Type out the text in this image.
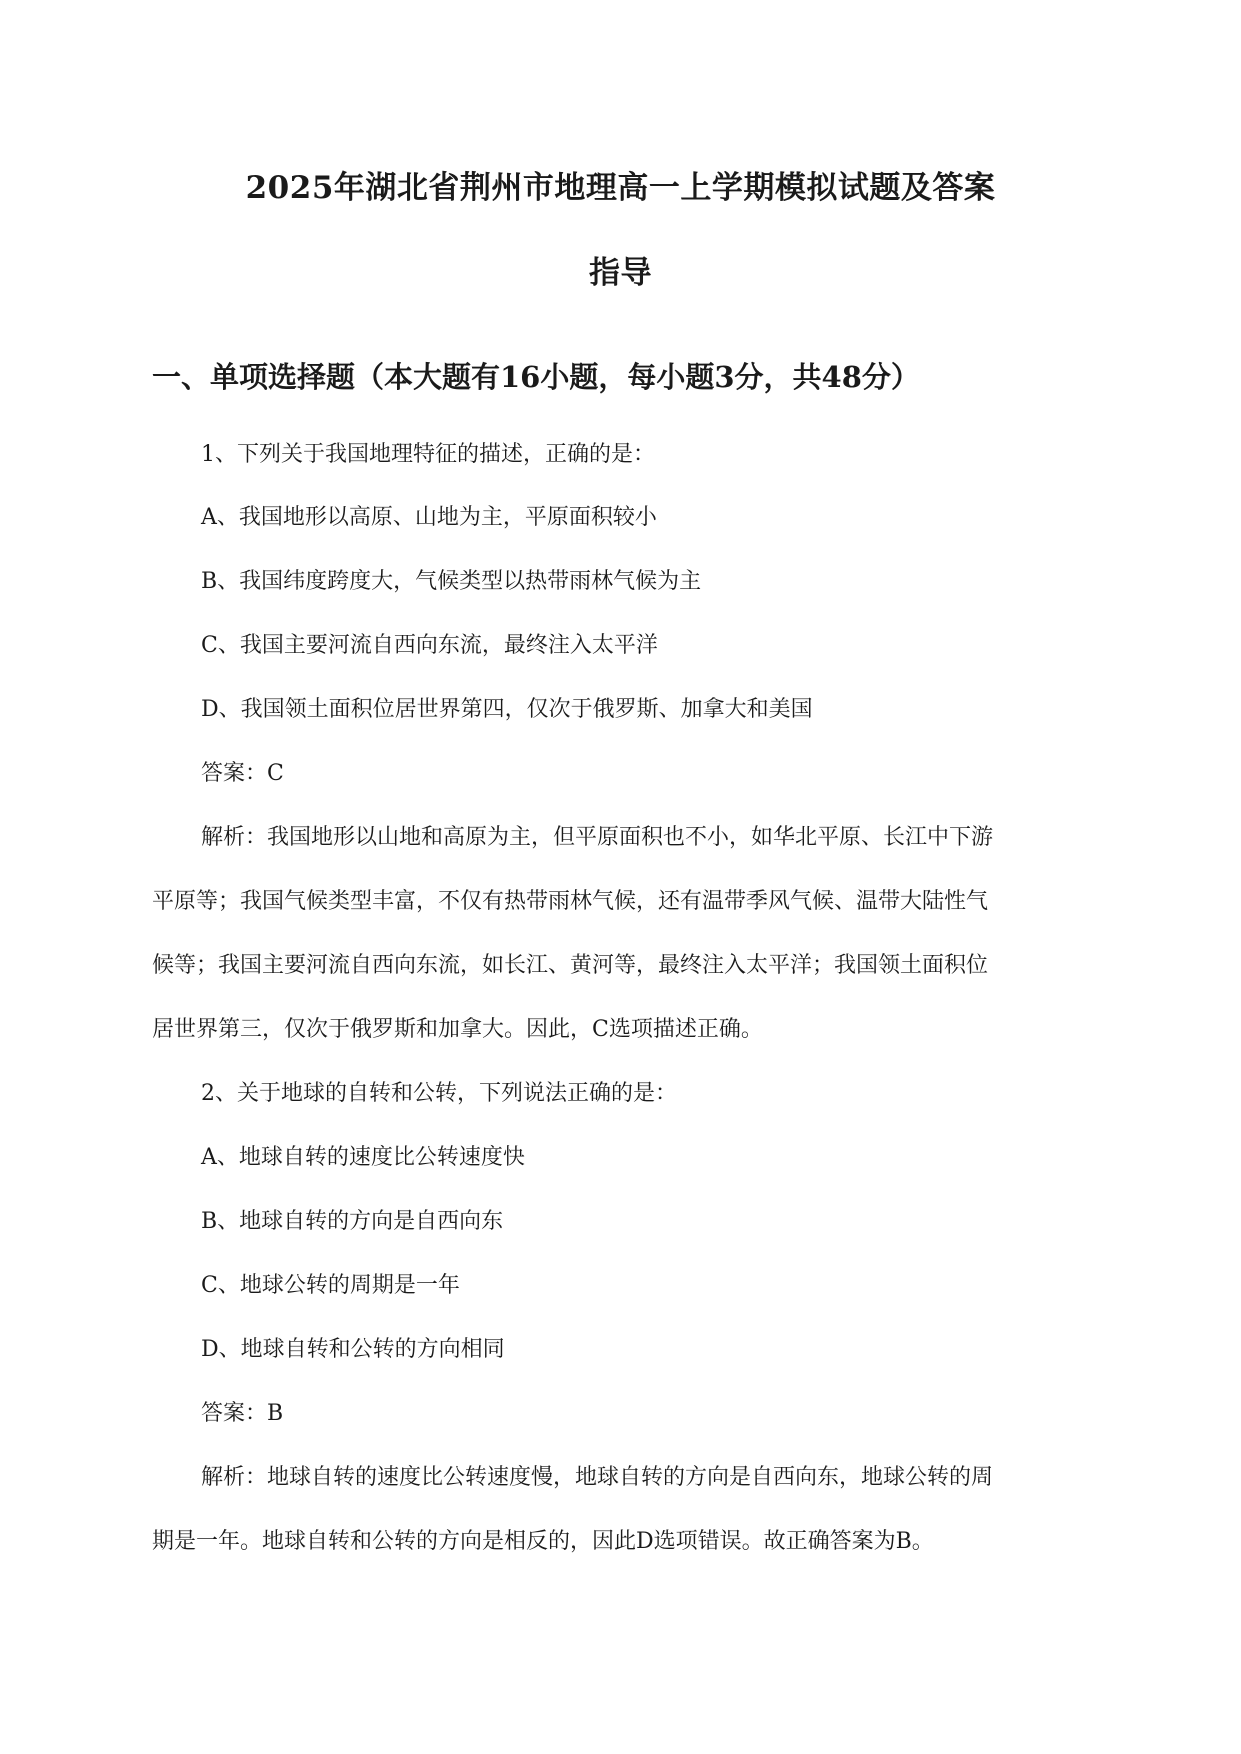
2025年湖北省荆州市地理高一上学期模拟试题及答案
指导
一、单项选择题（本大题有16小题，每小题3分，共48分）
1、下列关于我国地理特征的描述，正确的是：
A、我国地形以高原、山地为主，平原面积较小
B、我国纬度跨度大，气候类型以热带雨林气候为主
C、我国主要河流自西向东流，最终注入太平洋
D、我国领土面积位居世界第四，仅次于俄罗斯、加拿大和美国
答案：C
解析：我国地形以山地和高原为主，但平原面积也不小，如华北平原、长江中下游
平原等；我国气候类型丰富，不仅有热带雨林气候，还有温带季风气候、温带大陆性气
候等；我国主要河流自西向东流，如长江、黄河等，最终注入太平洋；我国领土面积位
居世界第三，仅次于俄罗斯和加拿大。因此，C选项描述正确。
2、关于地球的自转和公转，下列说法正确的是：
A、地球自转的速度比公转速度快
B、地球自转的方向是自西向东
C、地球公转的周期是一年
D、地球自转和公转的方向相同
答案：B
解析：地球自转的速度比公转速度慢，地球自转的方向是自西向东，地球公转的周
期是一年。地球自转和公转的方向是相反的，因此D选项错误。故正确答案为B。
